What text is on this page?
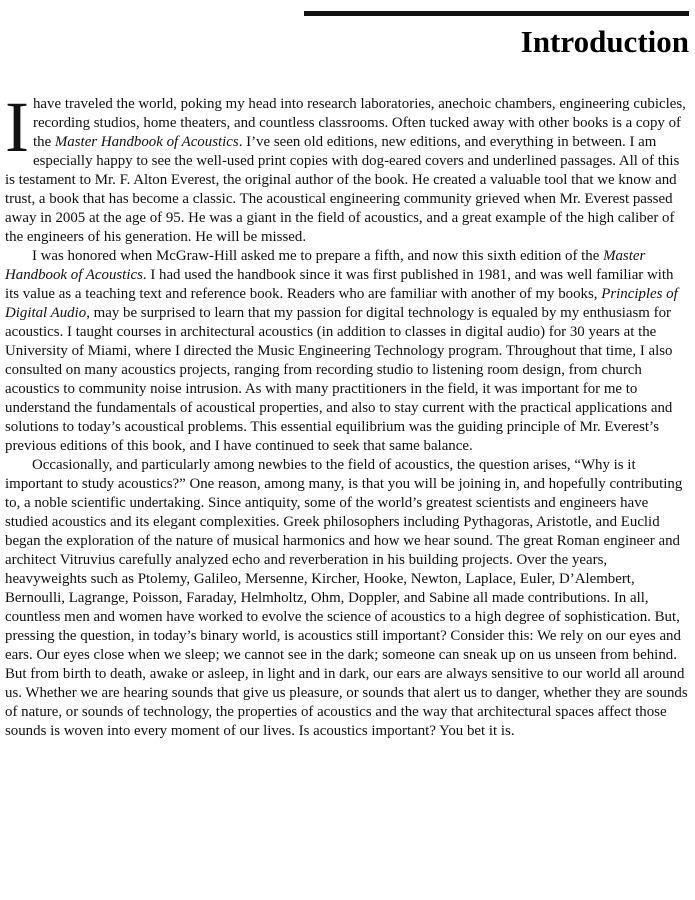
Introduction

Ihave traveled the world, poking my head into research laboratories, anechoic chambers, engineering cubicles, recording studios, home theaters, and countless classrooms. Often tucked away with other books is a copy of the Master Handbook of Acoustics. I’ve seen old editions, new editions, and everything in between. I am especially happy to see the well-used print copies with dog-eared covers and underlined passages. All of this is testament to Mr. F. Alton Everest, the original author of the book. He created a valuable tool that we know and trust, a book that has become a classic. The acoustical engineering community grieved when Mr. Everest passed away in 2005 at the age of 95. He was a giant in the field of acoustics, and a great example of the high caliber of the engineers of his generation. He will be missed.

I was honored when McGraw-Hill asked me to prepare a fifth, and now this sixth edition of the Master Handbook of Acoustics. I had used the handbook since it was first published in 1981, and was well familiar with its value as a teaching text and reference book. Readers who are familiar with another of my books, Principles of Digital Audio, may be surprised to learn that my passion for digital technology is equaled by my enthusiasm for acoustics. I taught courses in architectural acoustics (in addition to classes in digital audio) for 30 years at the University of Miami, where I directed the Music Engineering Technology program. Throughout that time, I also consulted on many acoustics projects, ranging from recording studio to listening room design, from church acoustics to community noise intrusion. As with many practitioners in the field, it was important for me to understand the fundamentals of acoustical properties, and also to stay current with the practical applications and solutions to today’s acoustical problems. This essential equilibrium was the guiding principle of Mr. Everest’s previous editions of this book, and I have continued to seek that same balance.

Occasionally, and particularly among newbies to the field of acoustics, the question arises, “Why is it important to study acoustics?” One reason, among many, is that you will be joining in, and hopefully contributing to, a noble scientific undertaking. Since antiquity, some of the world’s greatest scientists and engineers have studied acoustics and its elegant complexities. Greek philosophers including Pythagoras, Aristotle, and Euclid began the exploration of the nature of musical harmonics and how we hear sound. The great Roman engineer and architect Vitruvius carefully analyzed echo and reverberation in his building projects. Over the years, heavyweights such as Ptolemy, Galileo, Mersenne, Kircher, Hooke, Newton, Laplace, Euler, D’Alembert, Bernoulli, Lagrange, Poisson, Faraday, Helmholtz, Ohm, Doppler, and Sabine all made contributions. In all, countless men and women have worked to evolve the science of acoustics to a high degree of sophistication. But, pressing the question, in today’s binary world, is acoustics still important? Consider this: We rely on our eyes and ears. Our eyes close when we sleep; we cannot see in the dark; someone can sneak up on us unseen from behind. But from birth to death, awake or asleep, in light and in dark, our ears are always sensitive to our world all around us. Whether we are hearing sounds that give us pleasure, or sounds that alert us to danger, whether they are sounds of nature, or sounds of technology, the properties of acoustics and the way that architectural spaces affect those sounds is woven into every moment of our lives. Is acoustics important? You bet it is.
